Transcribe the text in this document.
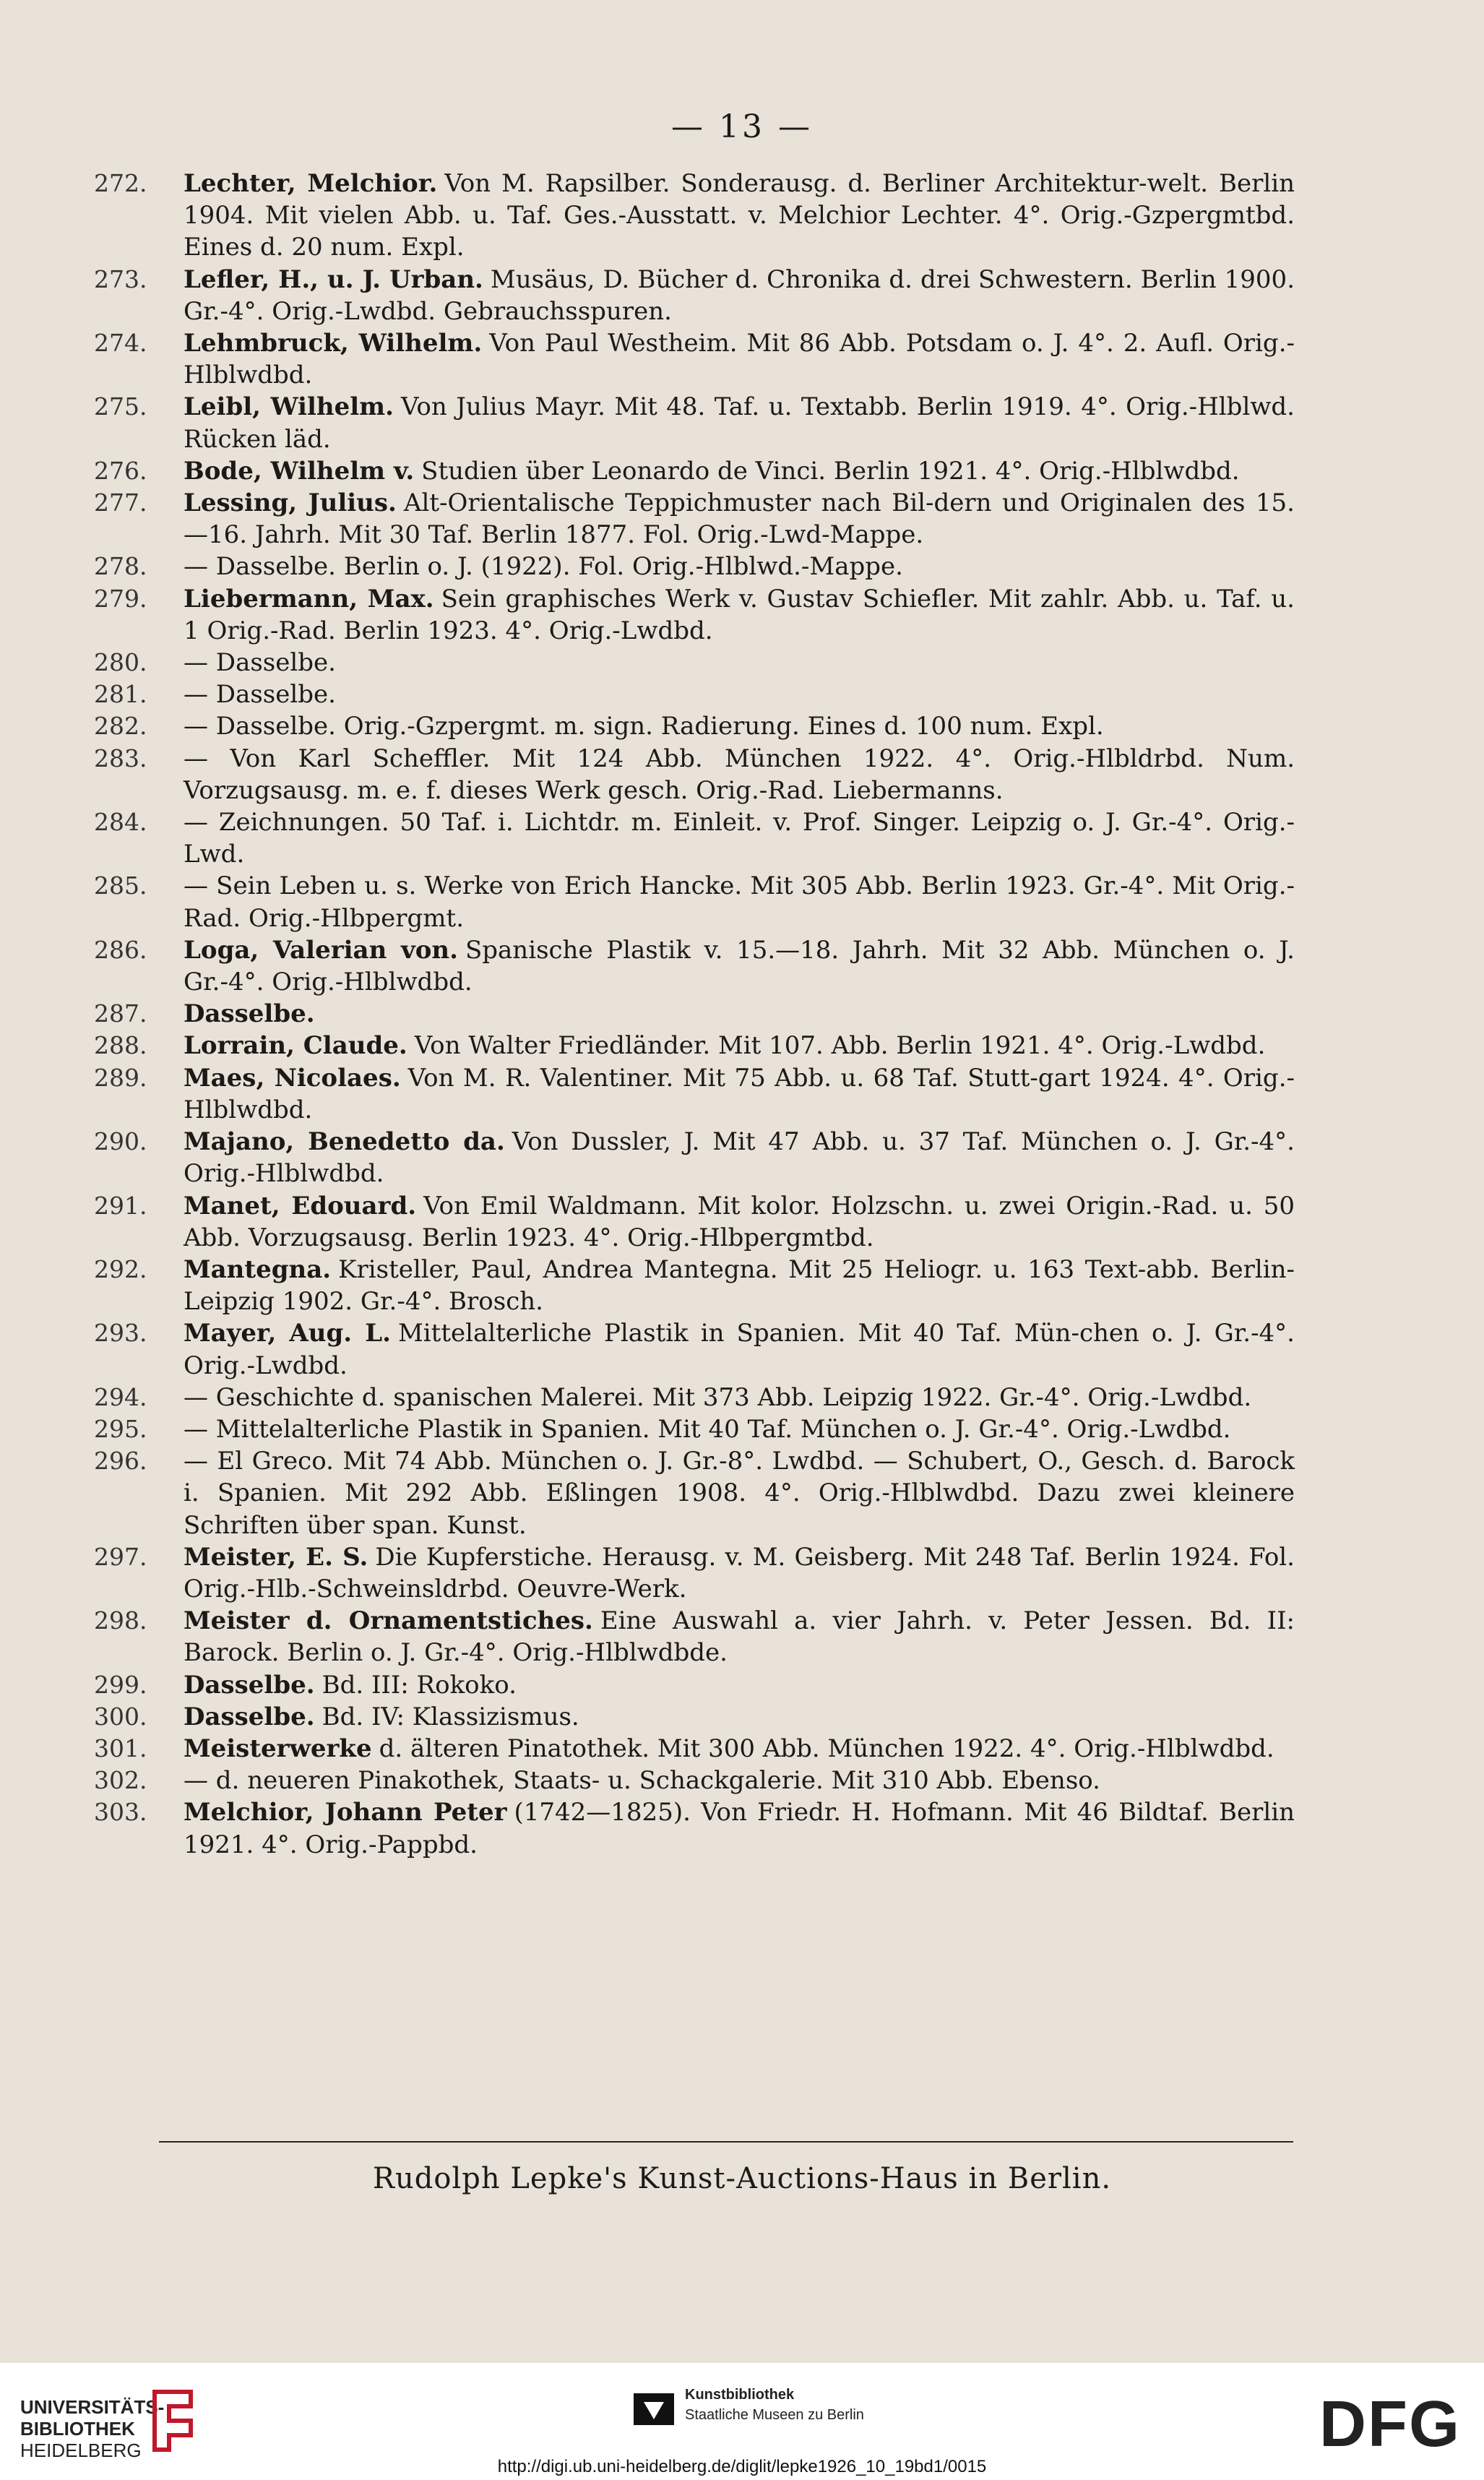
— 13 —
272.	Lechter, Melchior. Von M. Rapsilber. Sonderausg. d. Berliner Architektur-welt. Berlin 1904. Mit vielen Abb. u. Taf. Ges.-Ausstatt. v. Melchior Lechter. 4°. Orig.-Gzpergmtbd. Eines d. 20 num. Expl.
273.	Lefler, H., u. J. Urban. Musäus, D. Bücher d. Chronika d. drei Schwestern. Berlin 1900. Gr.-4°. Orig.-Lwdbd. Gebrauchsspuren.
274.	Lehmbruck, Wilhelm. Von Paul Westheim. Mit 86 Abb. Potsdam o. J. 4°. 2. Aufl. Orig.-Hlblwdbd.
275.	Leibl, Wilhelm. Von Julius Mayr. Mit 48. Taf. u. Textabb. Berlin 1919. 4°. Orig.-Hlblwd. Rücken läd.
276.	Bode, Wilhelm v. Studien über Leonardo de Vinci. Berlin 1921. 4°. Orig.-Hlblwdbd.
277.	Lessing, Julius. Alt-Orientalische Teppichmuster nach Bil-dern und Originalen des 15.—16. Jahrh. Mit 30 Taf. Berlin 1877. Fol. Orig.-Lwd-Mappe.
278.	— Dasselbe. Berlin o. J. (1922). Fol. Orig.-Hlblwd.-Mappe.
279.	Liebermann, Max. Sein graphisches Werk v. Gustav Schiefler. Mit zahlr. Abb. u. Taf. u. 1 Orig.-Rad. Berlin 1923. 4°. Orig.-Lwdbd.
280.	— Dasselbe.
281.	— Dasselbe.
282.	— Dasselbe. Orig.-Gzpergmt. m. sign. Radierung. Eines d. 100 num. Expl.
283.	— Von Karl Scheffler. Mit 124 Abb. München 1922. 4°. Orig.-Hlbldrbd. Num. Vorzugsausg. m. e. f. dieses Werk gesch. Orig.-Rad. Liebermanns.
284.	— Zeichnungen. 50 Taf. i. Lichtdr. m. Einleit. v. Prof. Singer. Leipzig o. J. Gr.-4°. Orig.-Lwd.
285.	— Sein Leben u. s. Werke von Erich Hancke. Mit 305 Abb. Berlin 1923. Gr.-4°. Mit Orig.-Rad. Orig.-Hlbpergmt.
286.	Loga, Valerian von. Spanische Plastik v. 15.—18. Jahrh. Mit 32 Abb. München o. J. Gr.-4°. Orig.-Hlblwdbd.
287.	Dasselbe.
288.	Lorrain, Claude. Von Walter Friedländer. Mit 107. Abb. Berlin 1921. 4°. Orig.-Lwdbd.
289.	Maes, Nicolaes. Von M. R. Valentiner. Mit 75 Abb. u. 68 Taf. Stutt-gart 1924. 4°. Orig.-Hlblwdbd.
290.	Majano, Benedetto da. Von Dussler, J. Mit 47 Abb. u. 37 Taf. München o. J. Gr.-4°. Orig.-Hlblwdbd.
291.	Manet, Edouard. Von Emil Waldmann. Mit kolor. Holzschn. u. zwei Origin.-Rad. u. 50 Abb. Vorzugsausg. Berlin 1923. 4°. Orig.-Hlbpergmtbd.
292.	Mantegna. Kristeller, Paul, Andrea Mantegna. Mit 25 Heliogr. u. 163 Text-abb. Berlin-Leipzig 1902. Gr.-4°. Brosch.
293.	Mayer, Aug. L. Mittelalterliche Plastik in Spanien. Mit 40 Taf. Mün-chen o. J. Gr.-4°. Orig.-Lwdbd.
294.	— Geschichte d. spanischen Malerei. Mit 373 Abb. Leipzig 1922. Gr.-4°. Orig.-Lwdbd.
295.	— Mittelalterliche Plastik in Spanien. Mit 40 Taf. München o. J. Gr.-4°. Orig.-Lwdbd.
296.	— El Greco. Mit 74 Abb. München o. J. Gr.-8°. Lwdbd. — Schubert, O., Gesch. d. Barock i. Spanien. Mit 292 Abb. Eßlingen 1908. 4°. Orig.-Hlblwdbd. Dazu zwei kleinere Schriften über span. Kunst.
297.	Meister, E. S. Die Kupferstiche. Herausg. v. M. Geisberg. Mit 248 Taf. Berlin 1924. Fol. Orig.-Hlb.-Schweinsldrbd. Oeuvre-Werk.
298.	Meister d. Ornamentstiches. Eine Auswahl a. vier Jahrh. v. Peter Jessen. Bd. II: Barock. Berlin o. J. Gr.-4°. Orig.-Hlblwdbde.
299.	Dasselbe. Bd. III: Rokoko.
300.	Dasselbe. Bd. IV: Klassizismus.
301.	Meisterwerke d. älteren Pinatothek. Mit 300 Abb. München 1922. 4°. Orig.-Hlblwdbd.
302.	— d. neueren Pinakothek, Staats- u. Schackgalerie. Mit 310 Abb. Ebenso.
303.	Melchior, Johann Peter (1742—1825). Von Friedr. H. Hofmann. Mit 46 Bildtaf. Berlin 1921. 4°. Orig.-Pappbd.
Rudolph Lepke's Kunst-Auctions-Haus in Berlin.
UNIVERSITÄTS-
BIBLIOTHEK
HEIDELBERG
Kunstbibliothek
Staatliche Museen zu Berlin	DFG
http://digi.ub.uni-heidelberg.de/diglit/lepke1926_10_19bd1/0015
